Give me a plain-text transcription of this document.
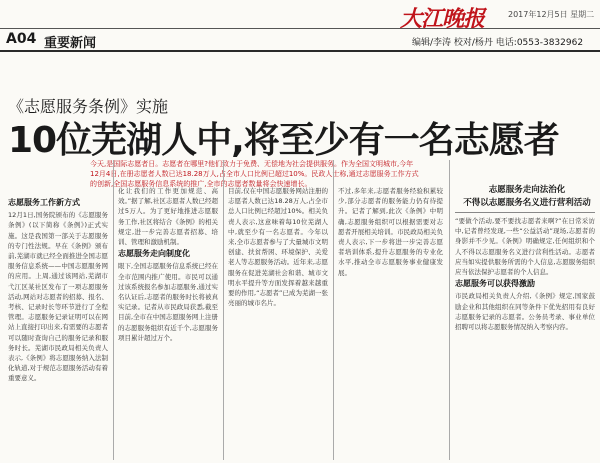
大江晚报	2017年12月5日 星期二
A04 重要新闻	编辑/李涛 校对/杨丹 电话:0553-3832962
《志愿服务条例》实施
10位芜湖人中,将至少有一名志愿者
今天,是国际志愿者日。志愿者在哪里?他们致力于免费、无偿地为社会提供服务。作为全国文明城市,今年12月4日,在册志愿者人数已达18.28万人,占全市人口比例已超过10%。民政人士称,通过志愿服务工作方式的创新,全国志愿服务信息系统的推广,全市的志愿者数量将会快速增长。
志愿服务工作新方式
12月1日,国务院颁布的《志愿服务条例》(以下简称《条例》)正式实施。这是我国第一部关于志愿服务的专门性法规。早在《条例》颁布前,芜湖市就已经全面推进全国志愿服务信息系统——中国志愿服务网的应用。上周,通过该网站,芜湖市弋江区某社区发布了一项志愿服务活动,网站对志愿者的招募、报名、考核、记录时长等环节进行了全程管理。志愿服务记录证明可以在网站上直接打印出来,有需要的志愿者可以随时查询自己的服务记录和服务时长。芜湖市民政局相关负责人表示,《条例》将志愿服务纳入法制化轨道,对于规范志愿服务活动有着重要意义。
化让我们的工作更加规范、高效。”据了解,社区志愿者人数已经超过5万人。为了更好地推进志愿服务工作,社区将结合《条例》的相关规定,进一步完善志愿者招募、培训、管理和激励机制。
志愿服务走向制度化
眼下,全国志愿服务信息系统已经在全市范围内推广使用。市民可以通过该系统报名参加志愿服务,通过实名认证后,志愿者的服务时长将被真实记录。记者从市民政局获悉,截至目前,全市在中国志愿服务网上注册的志愿服务组织有近千个,志愿服务项目累计超过万个。
目前,仅在中国志愿服务网站注册的志愿者人数已达18.28万人,占全市总人口比例已经超过10%。相关负责人表示,这意味着每10位芜湖人中,就至少有一名志愿者。今年以来,全市志愿者参与了大量城市文明创建、扶贫帮困、环境保护、关爱老人等志愿服务活动。近年来,志愿服务在促进芜湖社会和谐、城市文明水平提升等方面发挥着越来越重要的作用,“志愿者”已成为芜湖一张亮丽的城市名片。
不过,多年来,志愿者服务经验积累较少,部分志愿者的服务能力仍有待提升。记者了解到,此次《条例》中明确,志愿服务组织可以根据需要对志愿者开展相关培训。市民政局相关负责人表示,下一步将进一步完善志愿者培训体系,提升志愿服务的专业化水平,推动全市志愿服务事业健康发展。
志愿服务走向法治化
不得以志愿服务名义进行营利活动
“要做个活动,要不要找志愿者来啊?”在日常采访中,记者曾经发现,一些“公益活动”现场,志愿者的身影并不少见。《条例》明确规定,任何组织和个人不得以志愿服务名义进行营利性活动。志愿者应当如实提供服务所需的个人信息,志愿服务组织应当依法保护志愿者的个人信息。
志愿服务可以获得激励
市民政局相关负责人介绍,《条例》规定,国家鼓励企业和其他组织在同等条件下优先招用有良好志愿服务记录的志愿者。公务员考录、事业单位招聘可以将志愿服务情况纳入考察内容。
